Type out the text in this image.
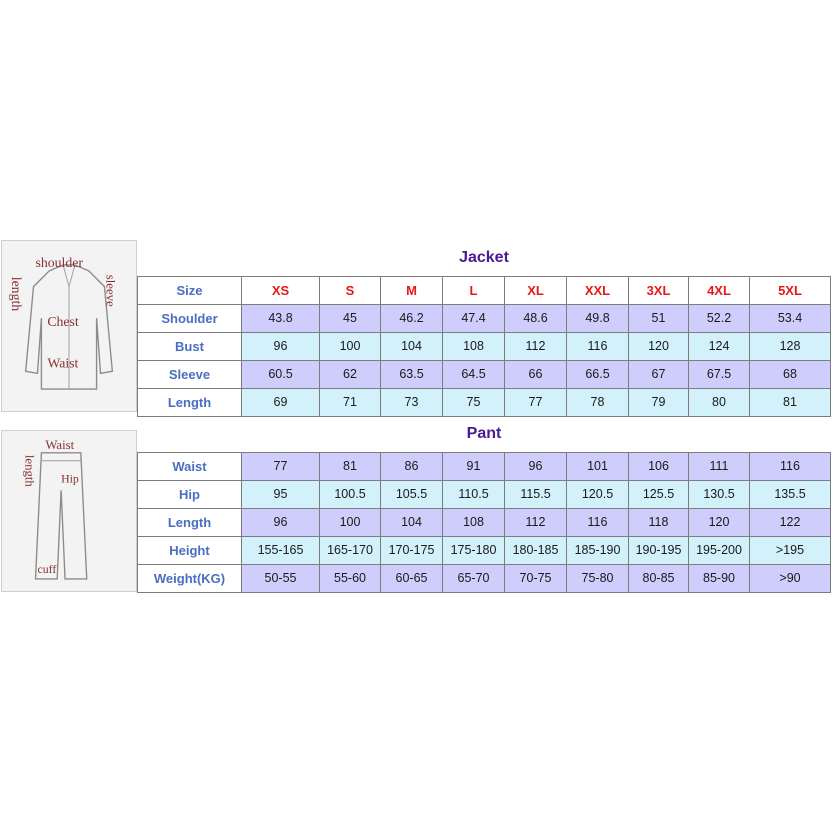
shoulder
Chest
Waist
length	sleeve
Waist
Hip
length
cuff
Jacket									
Size	XS	S	M	L	XL	XXL	3XL	4XL	5XL
Shoulder	43.8	45	46.2	47.4	48.6	49.8	51	52.2	53.4
Bust	96	100	104	108	112	116	120	124	128
Sleeve	60.5	62	63.5	64.5	66	66.5	67	67.5	68
Length	69	71	73	75	77	78	79	80	81
Pant									
Waist	77	81	86	91	96	101	106	111	116
Hip	95	100.5	105.5	110.5	115.5	120.5	125.5	130.5	135.5
Length	96	100	104	108	112	116	118	120	122
Height	155-165	165-170	170-175	175-180	180-185	185-190	190-195	195-200	>195
Weight(KG)	50-55	55-60	60-65	65-70	70-75	75-80	80-85	85-90	>90
